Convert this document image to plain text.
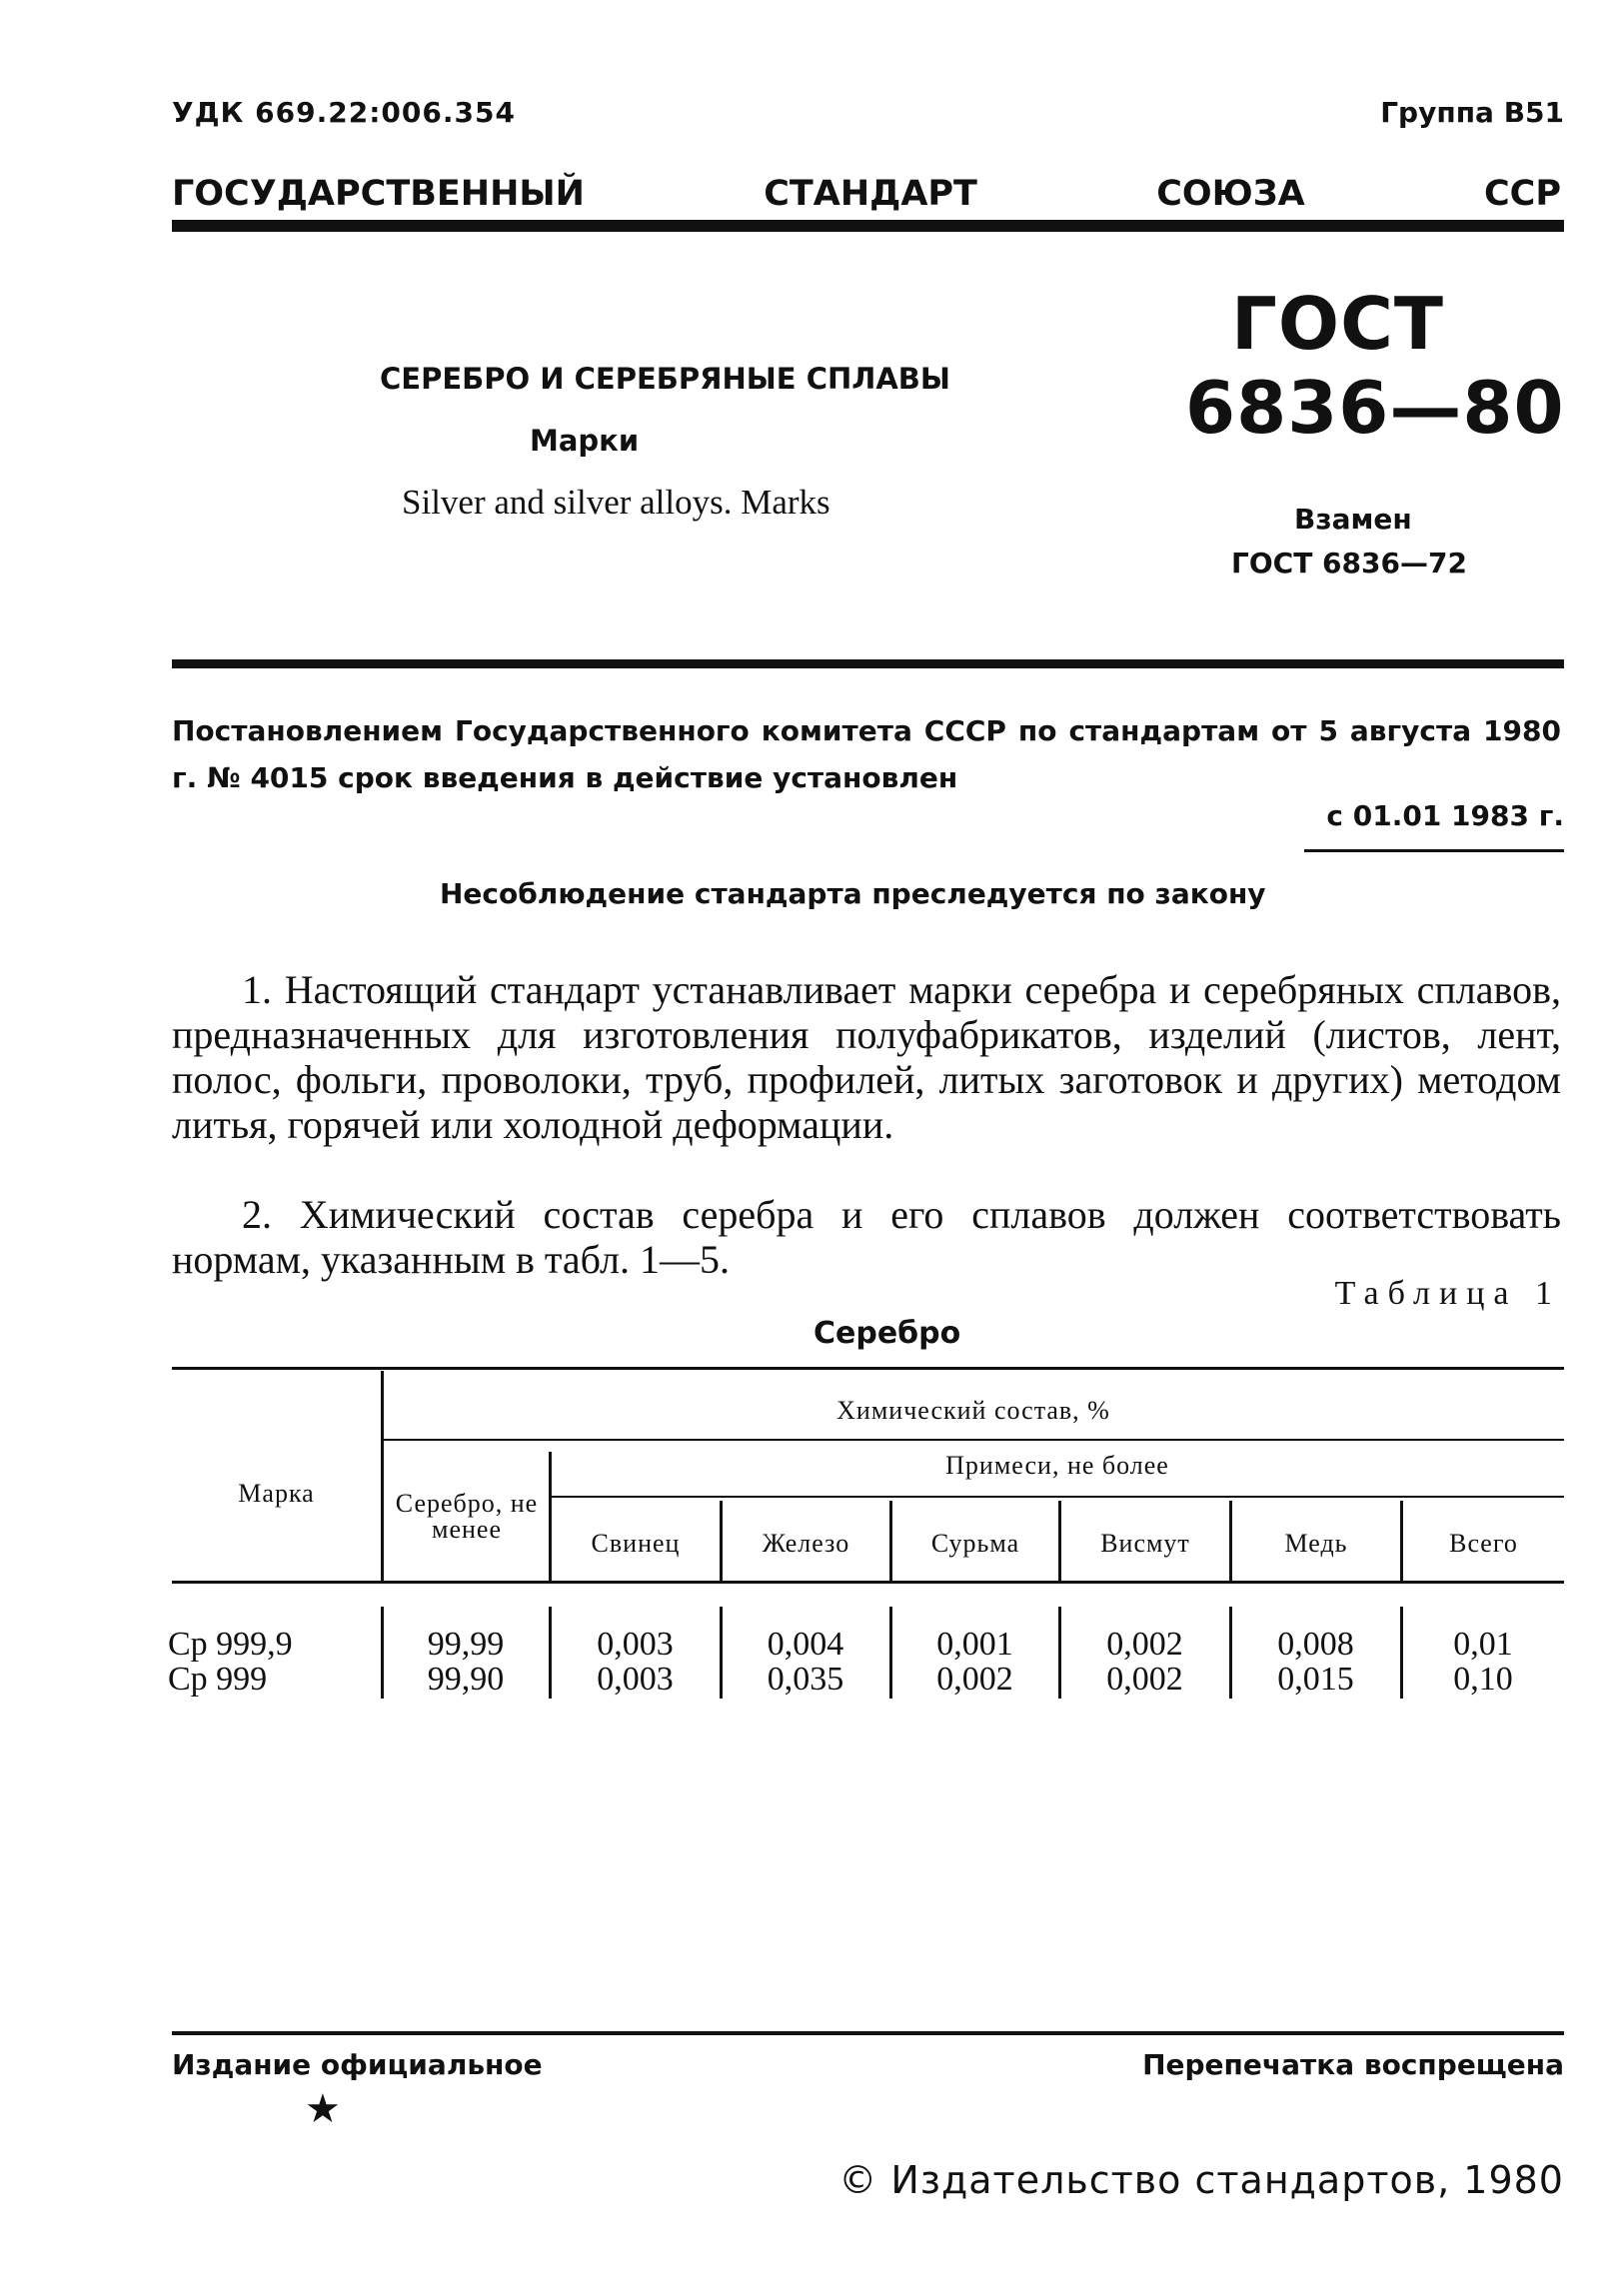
УДК 669.22:006.354	Группа В51
ГОСУДАРСТВЕННЫЙ	СТАНДАРТ	СОЮЗА	ССР
СЕРЕБРО И СЕРЕБРЯНЫЕ СПЛАВЫ
Марки
Silver and silver alloys. Marks
ГОСТ
6836—80
Взамен
ГОСТ 6836—72
Постановлением Государственного комитета СССР по стандартам от 5 августа 1980 г. № 4015 срок введения в действие установлен
с 01.01 1983 г.
Несоблюдение стандарта преследуется по закону
1. Настоящий стандарт устанавливает марки серебра и серебряных сплавов, предназначенных для изготовления полуфабрикатов, изделий (листов, лент, полос, фольги, проволоки, труб, профилей, литых заготовок и других) методом литья, горячей или холодной деформации.
2. Химический состав серебра и его сплавов должен соответствовать нормам, указанным в табл. 1—5.
Таблица 1
Серебро
Марка
Химический состав, %
Серебро, не менее
Примеси, не более
Свинец	Железо	Сурьма	Висмут	Медь	Всего
Ср 999,9	99,99	0,003	0,004	0,001	0,002	0,008	0,01
Ср 999	99,90	0,003	0,035	0,002	0,002	0,015	0,10
Издание официальное
★
Перепечатка воспрещена
© Издательство стандартов, 1980
